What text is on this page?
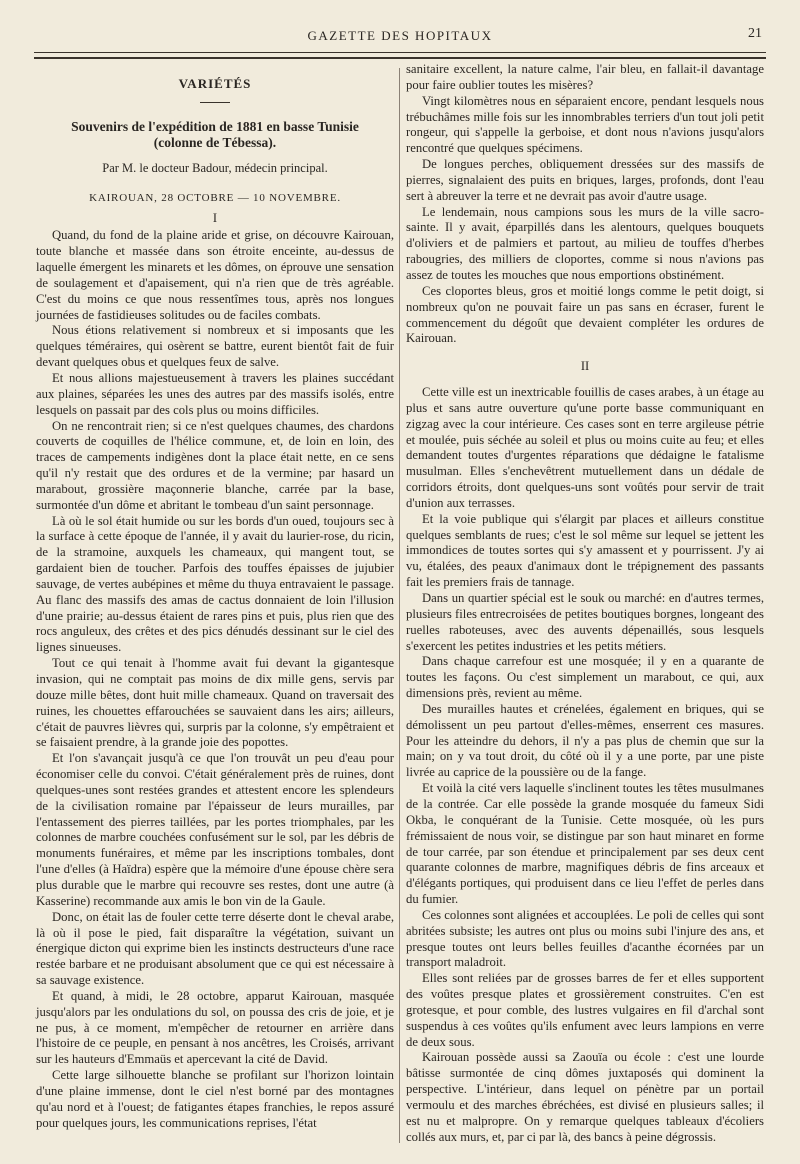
GAZETTE DES HOPITAUX	21
VARIÉTÉS
Souvenirs de l'expédition de 1881 en basse Tunisie
(colonne de Tébessa).
Par M. le docteur Badour, médecin principal.
KAIROUAN, 28 OCTOBRE — 10 NOVEMBRE.
I

Quand, du fond de la plaine aride et grise, on découvre Kairouan, toute blanche et massée dans son étroite enceinte, au-dessus de laquelle émergent les minarets et les dômes, on éprouve une sensation de soulagement et d'apaisement, qui n'a rien que de très agréable. C'est du moins ce que nous ressentîmes tous, après nos longues journées de fastidieuses solitudes ou de faciles combats.

Nous étions relativement si nombreux et si imposants que les quelques téméraires, qui osèrent se battre, eurent bientôt fait de fuir devant quelques obus et quelques feux de salve.

Et nous allions majestueusement à travers les plaines succédant aux plaines, séparées les unes des autres par des massifs isolés, entre lesquels on passait par des cols plus ou moins difficiles.

On ne rencontrait rien; si ce n'est quelques chaumes, des chardons couverts de coquilles de l'hélice commune, et, de loin en loin, des traces de campements indigènes dont la place était nette, en ce sens qu'il n'y restait que des ordures et de la vermine; par hasard un marabout, grossière maçonnerie blanche, carrée par la base, surmontée d'un dôme et abritant le tombeau d'un saint personnage.

Là où le sol était humide ou sur les bords d'un oued, toujours sec à la surface à cette époque de l'année, il y avait du laurier-rose, du ricin, de la stramoine, auxquels les chameaux, qui mangent tout, se gardaient bien de toucher. Parfois des touffes épaisses de jujubier sauvage, de vertes aubépines et même du thuya entravaient le passage. Au flanc des massifs des amas de cactus donnaient de loin l'illusion d'une prairie; au-dessus étaient de rares pins et puis, plus rien que des rocs anguleux, des crêtes et des pics dénudés dessinant sur le ciel des lignes sinueuses.

Tout ce qui tenait à l'homme avait fui devant la gigantesque invasion, qui ne comptait pas moins de dix mille gens, servis par douze mille bêtes, dont huit mille chameaux. Quand on traversait des ruines, les chouettes effarouchées se sauvaient dans les airs; ailleurs, c'était de pauvres lièvres qui, surpris par la colonne, s'y empêtraient et se faisaient prendre, à la grande joie des popottes.

Et l'on s'avançait jusqu'à ce que l'on trouvât un peu d'eau pour économiser celle du convoi. C'était généralement près de ruines, dont quelques-unes sont restées grandes et attestent encore les splendeurs de la civilisation romaine par l'épaisseur de leurs murailles, par l'entassement des pierres taillées, par les portes triomphales, par les colonnes de marbre couchées confusément sur le sol, par les débris de monuments funéraires, et même par les inscriptions tombales, dont l'une d'elles (à Haïdra) espère que la mémoire d'une épouse chère sera plus durable que le marbre qui recouvre ses restes, dont une autre (à Kasserine) recommande aux amis le bon vin de la Gaule.

Donc, on était las de fouler cette terre déserte dont le cheval arabe, là où il pose le pied, fait disparaître la végétation, suivant un énergique dicton qui exprime bien les instincts destructeurs d'une race restée barbare et ne produisant absolument que ce qui est nécessaire à sa sauvage existence.

Et quand, à midi, le 28 octobre, apparut Kairouan, masquée jusqu'alors par les ondulations du sol, on poussa des cris de joie, et je ne pus, à ce moment, m'empêcher de retourner en arrière dans l'histoire de ce peuple, en pensant à nos ancêtres, les Croisés, arrivant sur les hauteurs d'Emmaüs et apercevant la cité de David.

Cette large silhouette blanche se profilant sur l'horizon lointain d'une plaine immense, dont le ciel n'est borné par des montagnes qu'au nord et à l'ouest; de fatigantes étapes franchies, le repos assuré pour quelques jours, les communications reprises, l'état

sanitaire excellent, la nature calme, l'air bleu, en fallait-il davantage pour faire oublier toutes les misères?

Vingt kilomètres nous en séparaient encore, pendant lesquels nous trébuchâmes mille fois sur les innombrables terriers d'un tout joli petit rongeur, qui s'appelle la gerboise, et dont nous n'avions jusqu'alors rencontré que quelques spécimens.

De longues perches, obliquement dressées sur des massifs de pierres, signalaient des puits en briques, larges, profonds, dont l'eau sert à abreuver la terre et ne devrait pas avoir d'autre usage.

Le lendemain, nous campions sous les murs de la ville sacro-sainte. Il y avait, éparpillés dans les alentours, quelques bouquets d'oliviers et de palmiers et partout, au milieu de touffes d'herbes rabougries, des milliers de cloportes, comme si nous n'avions pas assez de toutes les mouches que nous emportions obstinément.

Ces cloportes bleus, gros et moitié longs comme le petit doigt, si nombreux qu'on ne pouvait faire un pas sans en écraser, furent le commencement du dégoût que devaient compléter les ordures de Kairouan.

II

Cette ville est un inextricable fouillis de cases arabes, à un étage au plus et sans autre ouverture qu'une porte basse communiquant en zigzag avec la cour intérieure. Ces cases sont en terre argileuse pétrie et moulée, puis séchée au soleil et plus ou moins cuite au feu; et elles demandent toutes d'urgentes réparations que dédaigne le fatalisme musulman. Elles s'enchevêtrent mutuellement dans un dédale de corridors étroits, dont quelques-uns sont voûtés pour servir de trait d'union aux terrasses.

Et la voie publique qui s'élargit par places et ailleurs constitue quelques semblants de rues; c'est le sol même sur lequel se jettent les immondices de toutes sortes qui s'y amassent et y pourrissent. J'y ai vu, étalées, des peaux d'animaux dont le trépignement des passants fait les premiers frais de tannage.

Dans un quartier spécial est le souk ou marché: en d'autres termes, plusieurs files entrecroisées de petites boutiques borgnes, longeant des ruelles raboteuses, avec des auvents dépenaillés, sous lesquels s'exercent les petites industries et les petits métiers.

Dans chaque carrefour est une mosquée; il y en a quarante de toutes les façons. Ou c'est simplement un marabout, ce qui, aux dimensions près, revient au même.

Des murailles hautes et crénelées, également en briques, qui se démolissent un peu partout d'elles-mêmes, enserrent ces masures. Pour les atteindre du dehors, il n'y a pas plus de chemin que sur la main; on y va tout droit, du côté où il y a une porte, par une piste livrée au caprice de la poussière ou de la fange.

Et voilà la cité vers laquelle s'inclinent toutes les têtes musulmanes de la contrée. Car elle possède la grande mosquée du fameux Sidi Okba, le conquérant de la Tunisie. Cette mosquée, où les purs frémissaient de nous voir, se distingue par son haut minaret en forme de tour carrée, par son étendue et principalement par ses deux cent quarante colonnes de marbre, magnifiques débris de fins arceaux et d'élégants portiques, qui produisent dans ce lieu l'effet de perles dans du fumier.

Ces colonnes sont alignées et accouplées. Le poli de celles qui sont abritées subsiste; les autres ont plus ou moins subi l'injure des ans, et presque toutes ont leurs belles feuilles d'acanthe écornées par un transport maladroit.

Elles sont reliées par de grosses barres de fer et elles supportent des voûtes presque plates et grossièrement construites. C'en est grotesque, et pour comble, des lustres vulgaires en fil d'archal sont suspendus à ces voûtes qu'ils enfument avec leurs lampions en verre de deux sous.

Kairouan possède aussi sa Zaouïa ou école : c'est une lourde bâtisse surmontée de cinq dômes juxtaposés qui dominent la perspective. L'intérieur, dans lequel on pénètre par un portail vermoulu et des marches ébréchées, est divisé en plusieurs salles; il est nu et malpropre. On y remarque quelques tableaux d'écoliers collés aux murs, et, par ci par là, des bancs à peine dégrossis.
